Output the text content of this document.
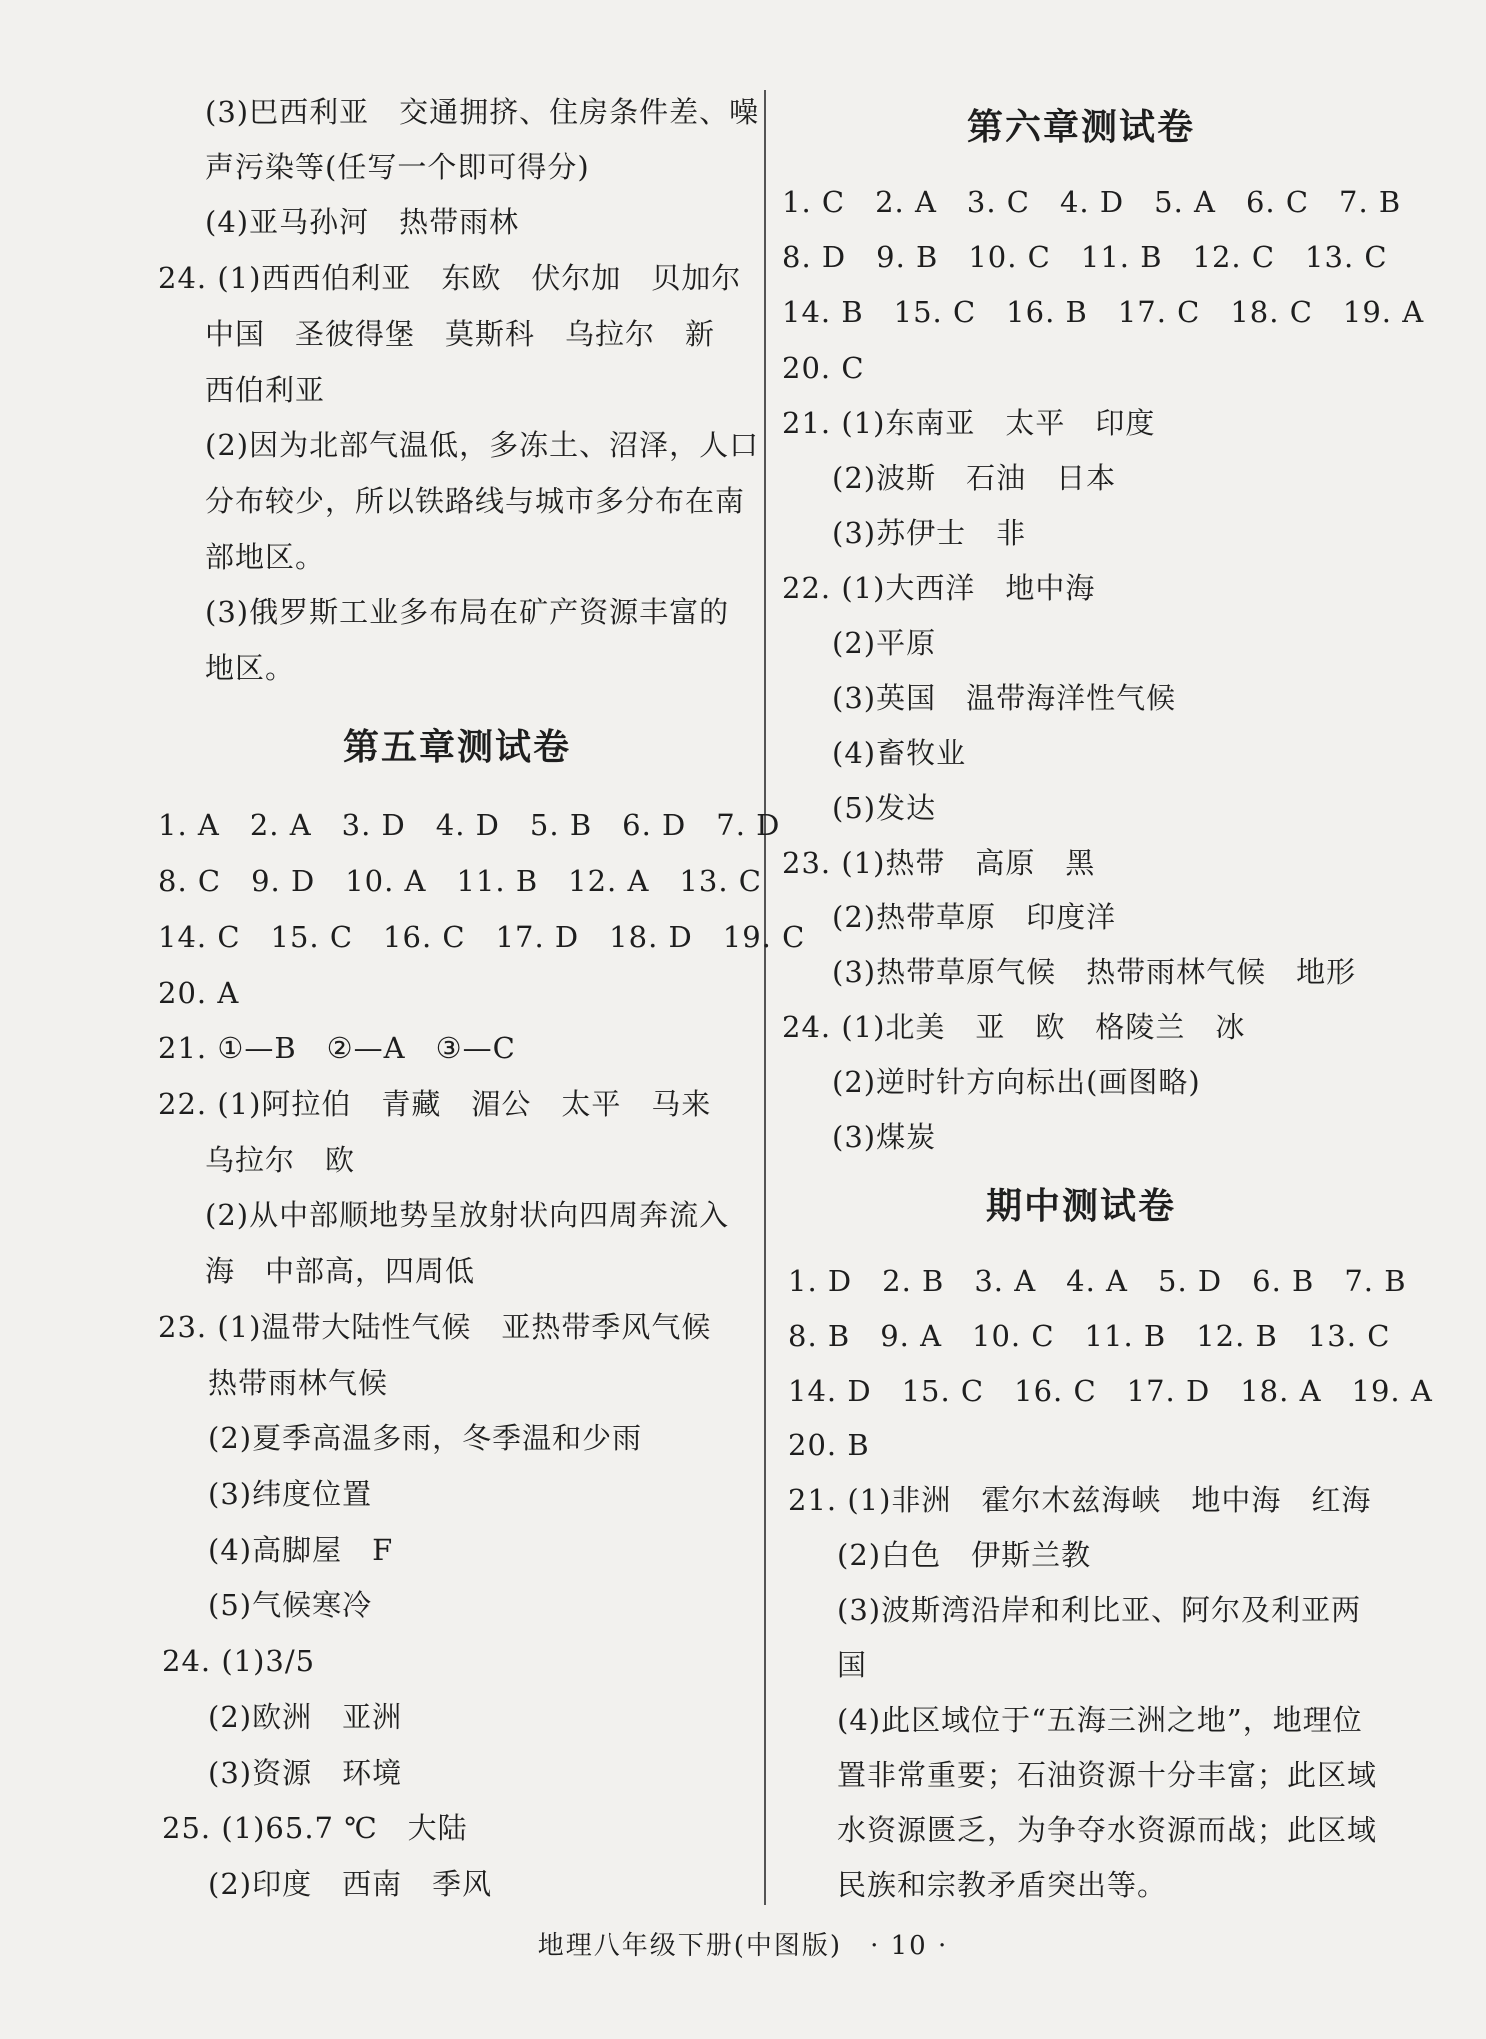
(3)巴西利亚　交通拥挤、住房条件差、噪
声污染等(任写一个即可得分)
(4)亚马孙河　热带雨林
24. (1)西西伯利亚　东欧　伏尔加　贝加尔
中国　圣彼得堡　莫斯科　乌拉尔　新
西伯利亚
(2)因为北部气温低，多冻土、沼泽，人口
分布较少，所以铁路线与城市多分布在南
部地区。
(3)俄罗斯工业多布局在矿产资源丰富的
地区。
第五章测试卷
1. A　2. A　3. D　4. D　5. B　6. D　7. D
8. C　9. D　10. A　11. B　12. A　13. C
14. C　15. C　16. C　17. D　18. D　19. C
20. A
21. ①—B　②—A　③—C
22. (1)阿拉伯　青藏　湄公　太平　马来
乌拉尔　欧
(2)从中部顺地势呈放射状向四周奔流入
海　中部高，四周低
23. (1)温带大陆性气候　亚热带季风气候
热带雨林气候
(2)夏季高温多雨，冬季温和少雨
(3)纬度位置
(4)高脚屋　F
(5)气候寒冷
24. (1)3/5
(2)欧洲　亚洲
(3)资源　环境
25. (1)65.7 ℃　大陆
(2)印度　西南　季风
第六章测试卷
1. C　2. A　3. C　4. D　5. A　6. C　7. B
8. D　9. B　10. C　11. B　12. C　13. C
14. B　15. C　16. B　17. C　18. C　19. A
20. C
21. (1)东南亚　太平　印度
(2)波斯　石油　日本
(3)苏伊士　非
22. (1)大西洋　地中海
(2)平原
(3)英国　温带海洋性气候
(4)畜牧业
(5)发达
23. (1)热带　高原　黑
(2)热带草原　印度洋
(3)热带草原气候　热带雨林气候　地形
24. (1)北美　亚　欧　格陵兰　冰
(2)逆时针方向标出(画图略)
(3)煤炭
期中测试卷
1. D　2. B　3. A　4. A　5. D　6. B　7. B
8. B　9. A　10. C　11. B　12. B　13. C
14. D　15. C　16. C　17. D　18. A　19. A
20. B
21. (1)非洲　霍尔木兹海峡　地中海　红海
(2)白色　伊斯兰教
(3)波斯湾沿岸和利比亚、阿尔及利亚两
国
(4)此区域位于“五海三洲之地”，地理位
置非常重要；石油资源十分丰富；此区域
水资源匮乏，为争夺水资源而战；此区域
民族和宗教矛盾突出等。
地理八年级下册(中图版)　· 10 ·
